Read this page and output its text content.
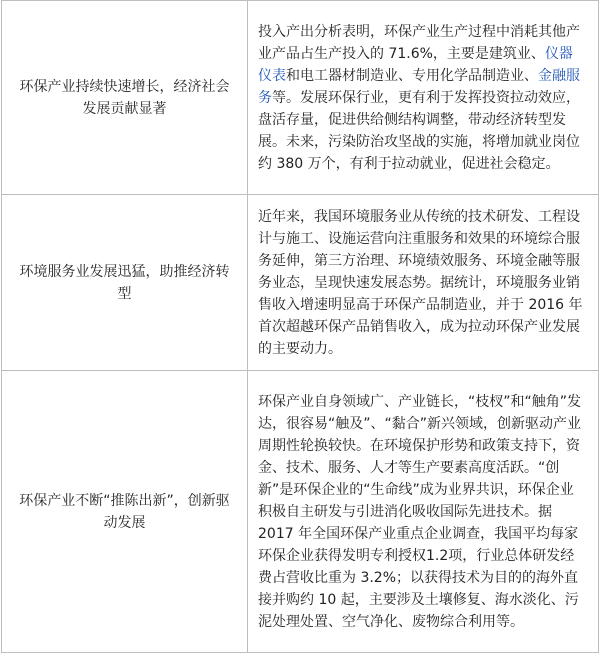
环保产业持续快速增长，经济社会发展贡献显著	投入产出分析表明，环保产业生产过程中消耗其他产业产品占生产投入的 71.6%，主要是建筑业、仪器仪表和电工器材制造业、专用化学品制造业、金融服务等。发展环保行业，更有利于发挥投资拉动效应，盘活存量，促进供给侧结构调整，带动经济转型发展。未来，污染防治攻坚战的实施，将增加就业岗位约 380 万个，有利于拉动就业，促进社会稳定。
环境服务业发展迅猛，助推经济转型	近年来，我国环境服务业从传统的技术研发、工程设计与施工、设施运营向注重服务和效果的环境综合服务延伸，第三方治理、环境绩效服务、环境金融等服务业态，呈现快速发展态势。据统计，环境服务业销售收入增速明显高于环保产品制造业，并于 2016 年首次超越环保产品销售收入，成为拉动环保产业发展的主要动力。
环保产业不断“推陈出新”，创新驱动发展	环保产业自身领域广、产业链长，“枝杈”和“触角”发达，很容易“触及”、“黏合”新兴领域，创新驱动产业周期性轮换较快。在环境保护形势和政策支持下，资金、技术、服务、人才等生产要素高度活跃。“创新”是环保企业的“生命线”成为业界共识，环保企业积极自主研发与引进消化吸收国际先进技术。据2017 年全国环保产业重点企业调查，我国平均每家环保企业获得发明专利授权1.2项，行业总体研发经费占营收比重为 3.2%；以获得技术为目的的海外直接并购约 10 起，主要涉及土壤修复、海水淡化、污泥处理处置、空气净化、废物综合利用等。
